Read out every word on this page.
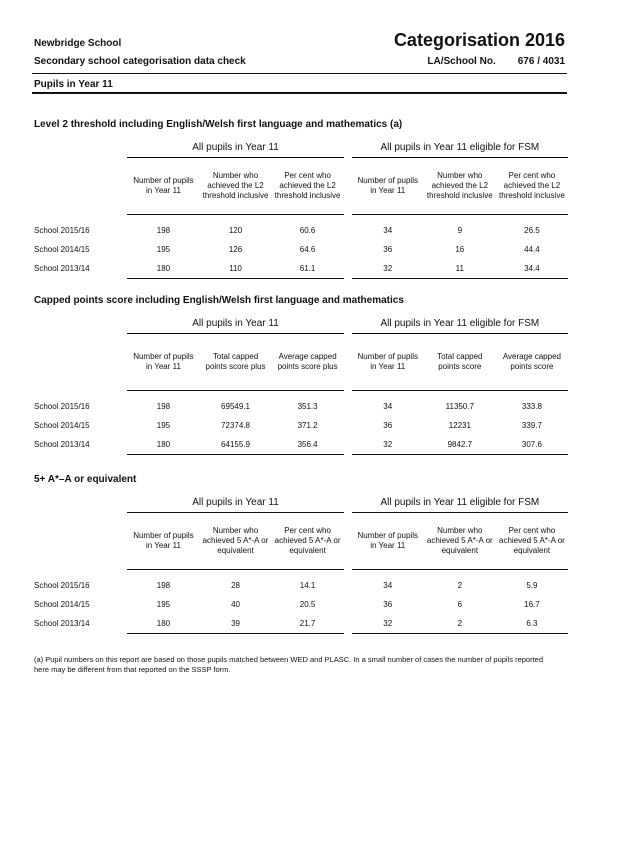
Newbridge School
Secondary school categorisation data check
Categorisation 2016
LA/School No. 676 / 4031
Pupils in Year 11
Level 2 threshold including English/Welsh first language and mathematics (a)
	All pupils in Year 11				All pupils in Year 11 eligible for FSM		
	Number of pupils in Year 11	Number who achieved the L2 threshold inclusive	Per cent who achieved the L2 threshold inclusive		Number of pupils in Year 11	Number who achieved the L2 threshold inclusive	Per cent who achieved the L2 threshold inclusive
School 2015/16	198	120	60.6		34	9	26.5
School 2014/15	195	126	64.6		36	16	44.4
School 2013/14	180	110	61.1		32	11	34.4
Capped points score including English/Welsh first language and mathematics
	All pupils in Year 11				All pupils in Year 11 eligible for FSM		
	Number of pupils in Year 11	Total capped points score plus	Average capped points score plus		Number of pupils in Year 11	Total capped points score	Average capped points score
School 2015/16	198	69549.1	351.3		34	11350.7	333.8
School 2014/15	195	72374.8	371.2		36	12231	339.7
School 2013/14	180	64155.9	356.4		32	9842.7	307.6
5+ A*–A or equivalent
	All pupils in Year 11				All pupils in Year 11 eligible for FSM		
	Number of pupils in Year 11	Number who achieved 5 A*-A or equivalent	Per cent who achieved 5 A*-A or equivalent		Number of pupils in Year 11	Number who achieved 5 A*-A or equivalent	Per cent who achieved 5 A*-A or equivalent
School 2015/16	198	28	14.1		34	2	5.9
School 2014/15	195	40	20.5		36	6	16.7
School 2013/14	180	39	21.7		32	2	6.3
(a) Pupil numbers on this report are based on those pupils matched between WED and PLASC. In a small number of cases the number of pupils reported here may be different from that reported on the SSSP form.
